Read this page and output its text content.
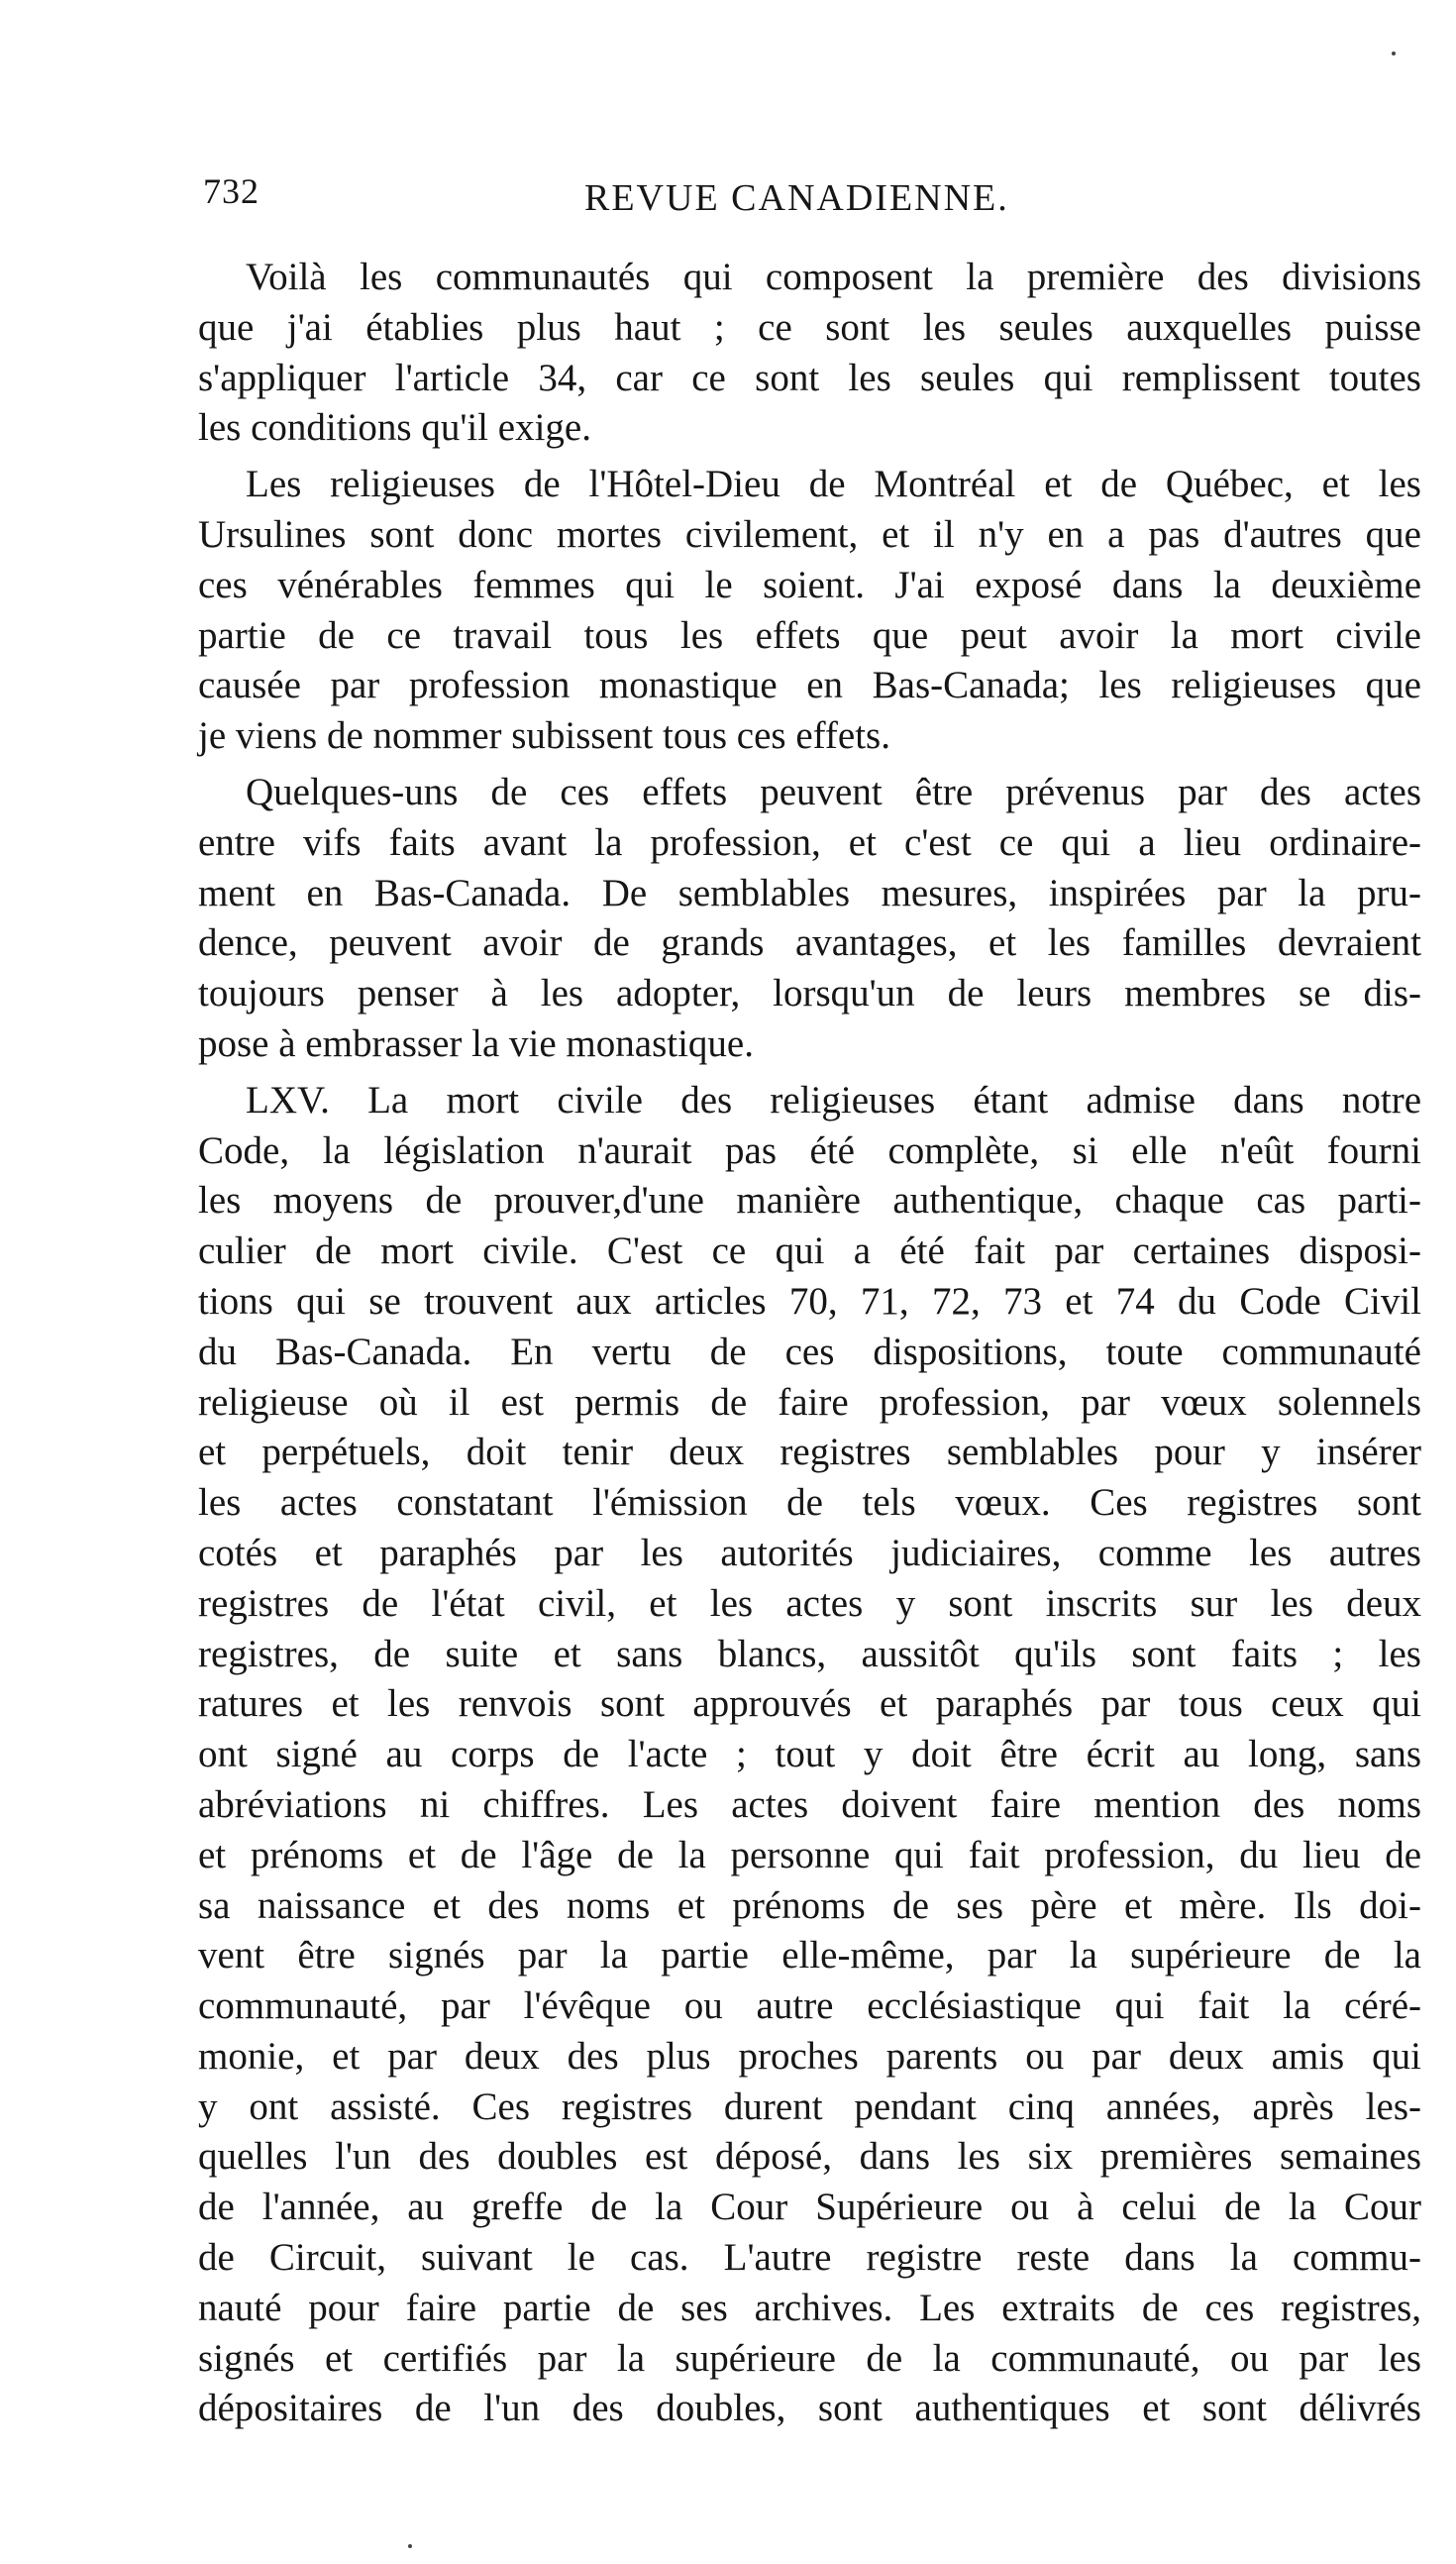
732	REVUE CANADIENNE.
Voilà les communautés qui composent la première des divisions
que j'ai établies plus haut ; ce sont les seules auxquelles puisse
s'appliquer l'article 34, car ce sont les seules qui remplissent toutes
les conditions qu'il exige.
Les religieuses de l'Hôtel-Dieu de Montréal et de Québec, et les
Ursulines sont donc mortes civilement, et il n'y en a pas d'autres que
ces vénérables femmes qui le soient. J'ai exposé dans la deuxième
partie de ce travail tous les effets que peut avoir la mort civile
causée par profession monastique en Bas-Canada; les religieuses que
je viens de nommer subissent tous ces effets.
Quelques-uns de ces effets peuvent être prévenus par des actes
entre vifs faits avant la profession, et c'est ce qui a lieu ordinaire-
ment en Bas-Canada. De semblables mesures, inspirées par la pru-
dence, peuvent avoir de grands avantages, et les familles devraient
toujours penser à les adopter, lorsqu'un de leurs membres se dis-
pose à embrasser la vie monastique.
LXV. La mort civile des religieuses étant admise dans notre
Code, la législation n'aurait pas été complète, si elle n'eût fourni
les moyens de prouver,d'une manière authentique, chaque cas parti-
culier de mort civile. C'est ce qui a été fait par certaines disposi-
tions qui se trouvent aux articles 70, 71, 72, 73 et 74 du Code Civil
du Bas-Canada. En vertu de ces dispositions, toute communauté
religieuse où il est permis de faire profession, par vœux solennels
et perpétuels, doit tenir deux registres semblables pour y insérer
les actes constatant l'émission de tels vœux. Ces registres sont
cotés et paraphés par les autorités judiciaires, comme les autres
registres de l'état civil, et les actes y sont inscrits sur les deux
registres, de suite et sans blancs, aussitôt qu'ils sont faits ; les
ratures et les renvois sont approuvés et paraphés par tous ceux qui
ont signé au corps de l'acte ; tout y doit être écrit au long, sans
abréviations ni chiffres. Les actes doivent faire mention des noms
et prénoms et de l'âge de la personne qui fait profession, du lieu de
sa naissance et des noms et prénoms de ses père et mère. Ils doi-
vent être signés par la partie elle-même, par la supérieure de la
communauté, par l'évêque ou autre ecclésiastique qui fait la céré-
monie, et par deux des plus proches parents ou par deux amis qui
y ont assisté. Ces registres durent pendant cinq années, après les-
quelles l'un des doubles est déposé, dans les six premières semaines
de l'année, au greffe de la Cour Supérieure ou à celui de la Cour
de Circuit, suivant le cas. L'autre registre reste dans la commu-
nauté pour faire partie de ses archives. Les extraits de ces registres,
signés et certifiés par la supérieure de la communauté, ou par les
dépositaires de l'un des doubles, sont authentiques et sont délivrés
